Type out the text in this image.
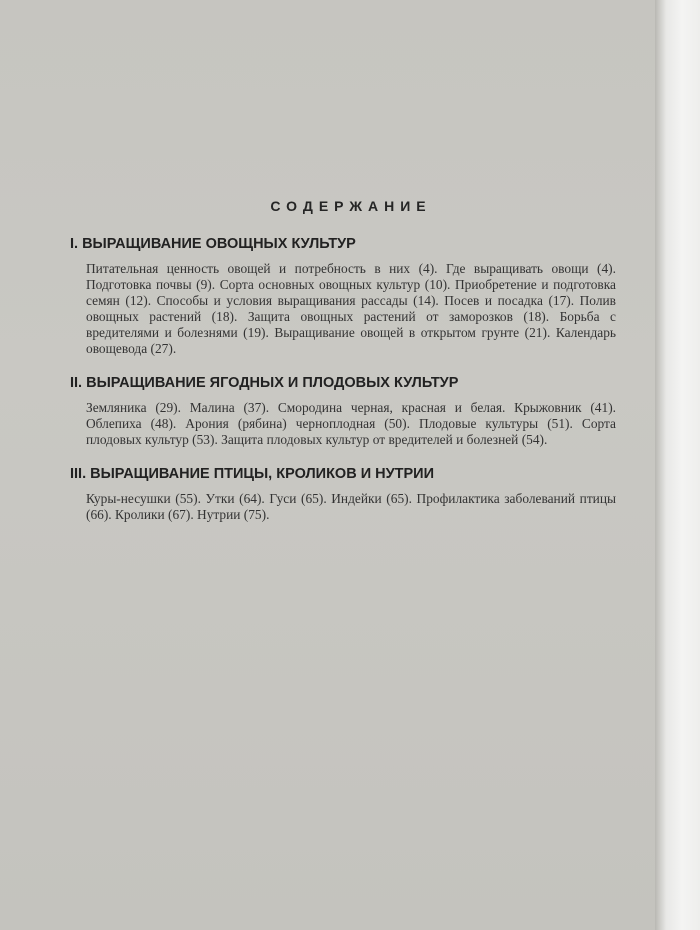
СОДЕРЖАНИЕ
I. ВЫРАЩИВАНИЕ ОВОЩНЫХ КУЛЬТУР
Питательная ценность овощей и потребность в них (4). Где выращивать овощи (4). Подготовка почвы (9). Сорта основных овощных культур (10). Приобретение и подготовка семян (12). Способы и условия выращивания рассады (14). Посев и посадка (17). Полив овощных растений (18). Защита овощных растений от заморозков (18). Борьба с вредителями и болезнями (19). Выращивание овощей в открытом грунте (21). Календарь овощевода (27).
II. ВЫРАЩИВАНИЕ ЯГОДНЫХ И ПЛОДОВЫХ КУЛЬТУР
Земляника (29). Малина (37). Смородина черная, красная и белая. Крыжовник (41). Облепиха (48). Арония (рябина) черноплодная (50). Плодовые культуры (51). Сорта плодовых культур (53). Защита плодовых культур от вредителей и болезней (54).
III. ВЫРАЩИВАНИЕ ПТИЦЫ, КРОЛИКОВ И НУТРИИ
Куры-несушки (55). Утки (64). Гуси (65). Индейки (65). Профилактика заболеваний птицы (66). Кролики (67). Нутрии (75).
